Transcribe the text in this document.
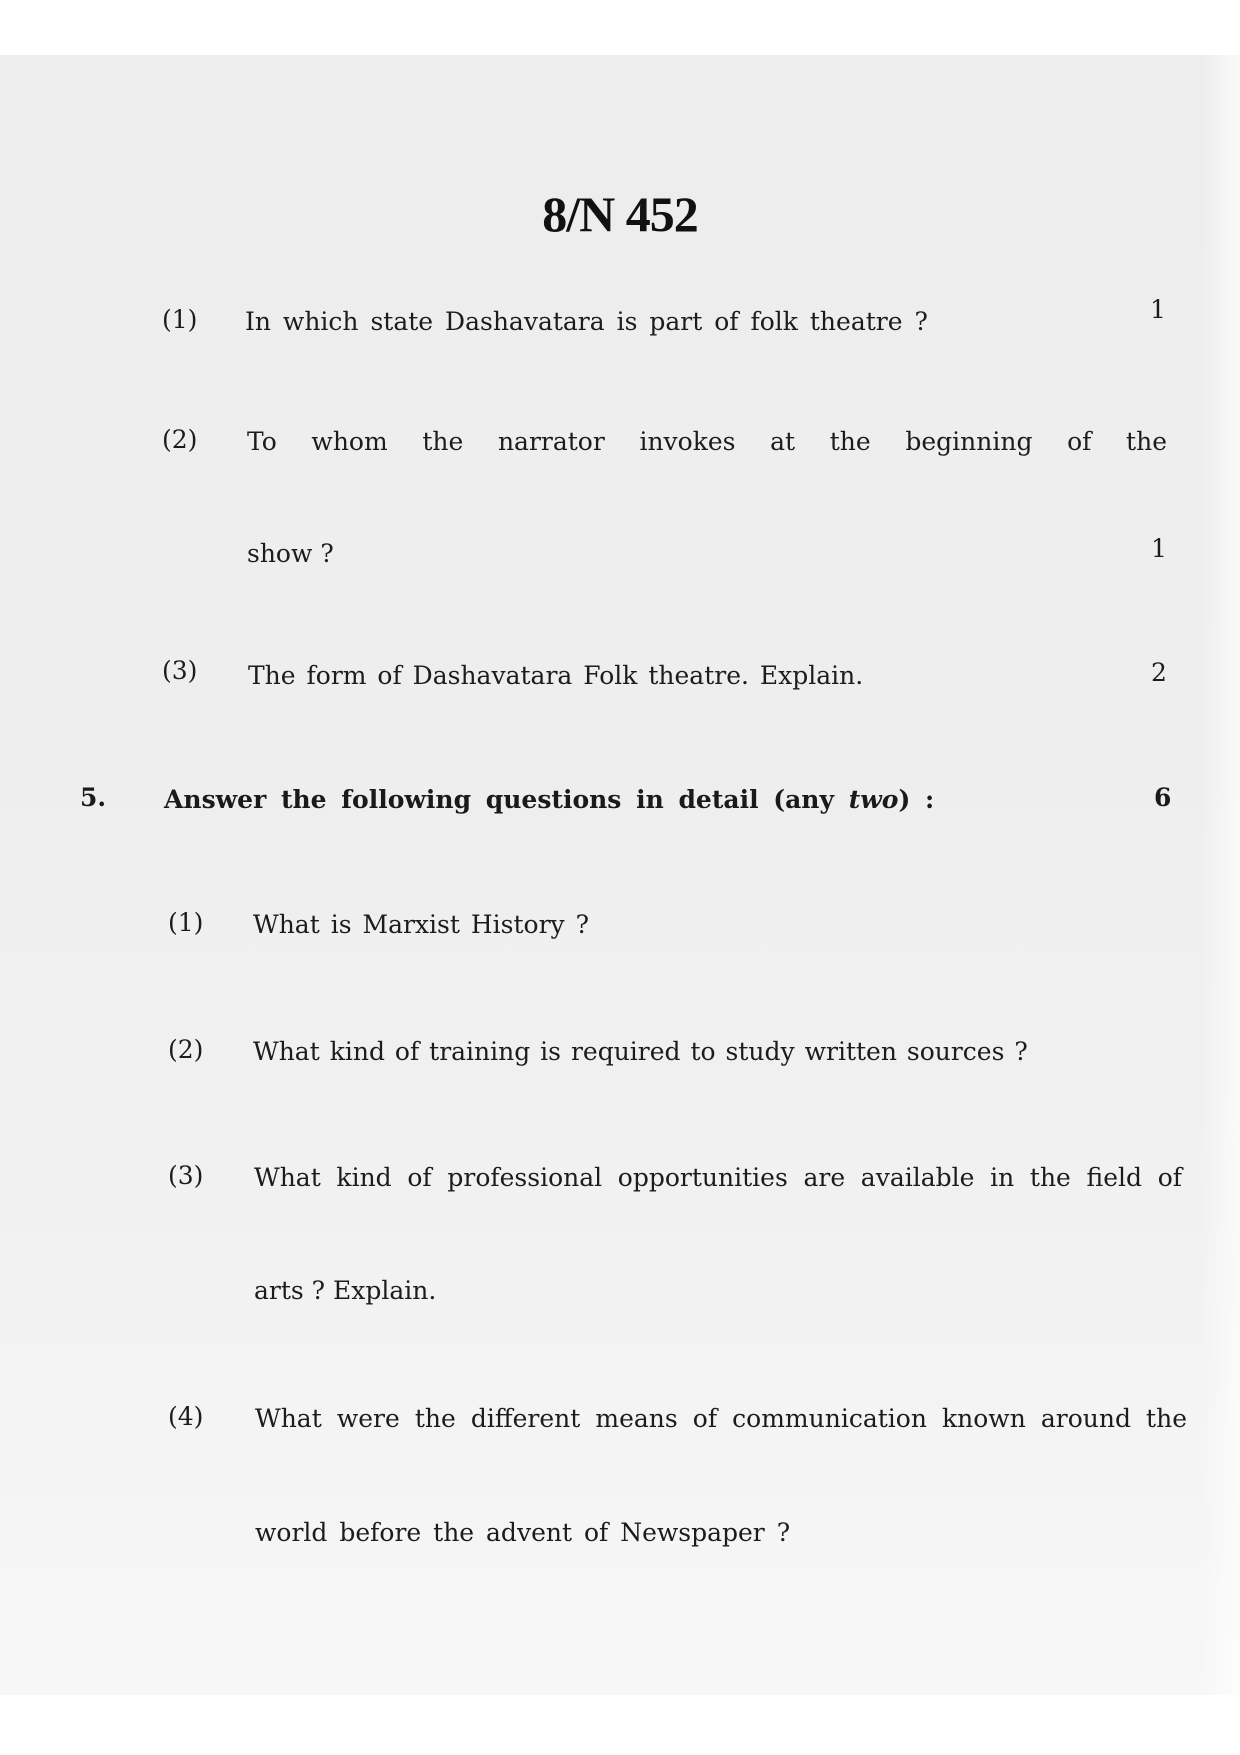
8/N 452
(1) In which state Dashavatara is part of folk theatre ?	1
(2) To whom the narrator invokes at the beginning of the
show ?	1
(3) The form of Dashavatara Folk theatre. Explain.	2
5. Answer the following questions in detail (any two) :	6
(1) What is Marxist History ?
(2) What kind of training is required to study written sources ?
(3) What kind of professional opportunities are available in the field of
arts ? Explain.
(4) What were the different means of communication known around the
world before the advent of Newspaper ?
